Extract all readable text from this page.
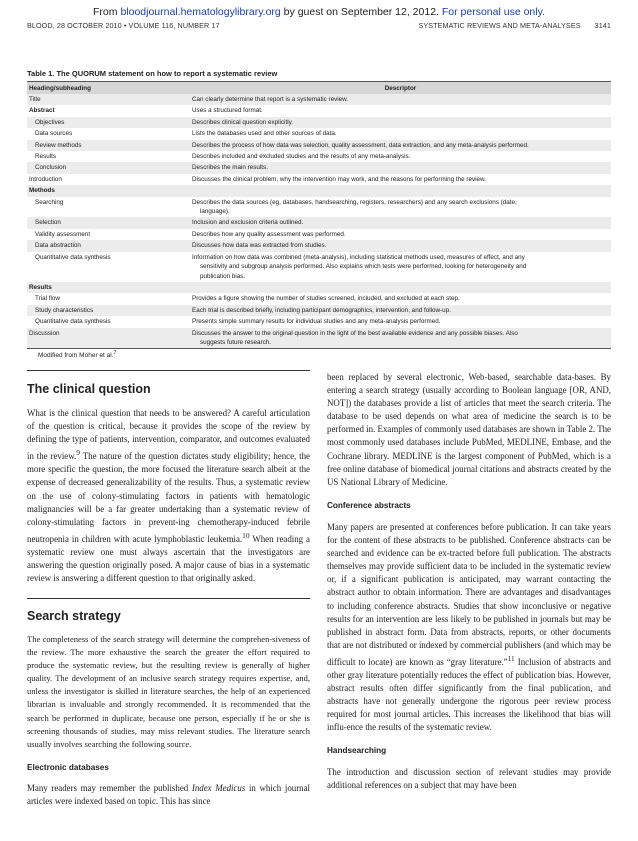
From bloodjournal.hematologylibrary.org by guest on September 12, 2012. For personal use only.
BLOOD, 28 OCTOBER 2010 • VOLUME 116, NUMBER 17	SYSTEMATIC REVIEWS AND META-ANALYSES 3141
Table 1. The QUORUM statement on how to report a systematic review
Heading/subheading	Descriptor
Title	Can clearly determine that report is a systematic review.

Abstract	Uses a structured format.

Objectives	Describes clinical question explicitly.

Data sources	Lists the databases used and other sources of data.

Review methods	Describes the process of how data was selection, quality assessment, data extraction, and any meta-analysis performed.

Results	Describes included and excluded studies and the results of any meta-analysis.

Conclusion	Describes the main results.

Introduction	Discusses the clinical problem, why the intervention may work, and the reasons for performing the review.

Methods	

Searching	Describes the data sources (eg, databases, handsearching, registers, researchers) and any search exclusions (date,
language).

Selection	Inclusion and exclusion criteria outlined.

Validity assessment	Describes how any quality assessment was performed.

Data abstraction	Discusses how data was extracted from studies.

Quantitative data synthesis	Information on how data was combined (meta-analysis), including statistical methods used, measures of effect, and any
sensitivity and subgroup analysis performed. Also explains which tests were performed, looking for heterogeneity and
publication bias.

Results	

Trial flow	Provides a figure showing the number of studies screened, included, and excluded at each step.

Study characteristics	Each trial is described briefly, including participant demographics, intervention, and follow-up.

Quantitative data synthesis	Presents simple summary results for individual studies and any meta-analysis performed.

Discussion	Discusses the answer to the original question in the light of the best available evidence and any possible biases. Also
suggests future research.
Modified from Moher et al.$^7$
The clinical question

What is the clinical question that needs to be answered? A careful articulation of the question is critical, because it provides the scope of the review by defining the type of patients, intervention, comparator, and outcomes evaluated in the review.$^9$ The nature of the question dictates study eligibility; hence, the more specific the question, the more focused the literature search albeit at the expense of decreased generalizability of the results. Thus, a systematic review on the use of colony-stimulating factors in patients with hematologic malignancies will be a far greater undertaking than a systematic review of colony-stimulating factors in prevent-ing chemotherapy-induced febrile neutropenia in children with acute lymphoblastic leukemia.$^{10}$ When reading a systematic review one must always ascertain that the investigators are answering the question originally posed. A major cause of bias in a systematic review is answering a different question to that originally asked.

Search strategy

The completeness of the search strategy will determine the comprehen-siveness of the review. The more exhaustive the search the greater the effort required to produce the systematic review, but the resulting review is generally of higher quality. The development of an inclusive search strategy requires expertise, and, unless the investigator is skilled in literature searches, the help of an experienced librarian is invaluable and strongly recommended. It is recommended that the search be performed in duplicate, because one person, especially if he or she is screening thousands of studies, may miss relevant studies. The literature search usually involves searching the following source.

Electronic databases

Many readers may remember the published Index Medicus in which journal articles were indexed based on topic. This has since

been replaced by several electronic, Web-based, searchable data-bases. By entering a search strategy (usually according to Boolean language [OR, AND, NOT]) the databases provide a list of articles that meet the search criteria. The database to be used depends on what area of medicine the search is to be performed in. Examples of commonly used databases are shown in Table 2. The most commonly used databases include PubMed, MEDLINE, Embase, and the Cochrane library. MEDLINE is the largest component of PubMed, which is a free online database of biomedical journal citations and abstracts created by the US National Library of Medicine.

Conference abstracts

Many papers are presented at conferences before publication. It can take years for the content of these abstracts to be published. Conference abstracts can be searched and evidence can be ex-tracted before full publication. The abstracts themselves may provide sufficient data to be included in the systematic review or, if a significant publication is anticipated, may warrant contacting the abstract author to obtain information. There are advantages and disadvantages to including conference abstracts. Studies that show inconclusive or negative results for an intervention are less likely to be published in journals but may be published in abstract form. Data from abstracts, reports, or other documents that are not distributed or indexed by commercial publishers (and which may be difficult to locate) are known as “gray literature.”$^{11}$ Inclusion of abstracts and other gray literature potentially reduces the effect of publication bias. However, abstract results often differ significantly from the final publication, and abstracts have not generally undergone the rigorous peer review process required for most journal articles. This increases the likelihood that bias will influ-ence the results of the systematic review.

Handsearching

The introduction and discussion section of relevant studies may provide additional references on a subject that may have been
